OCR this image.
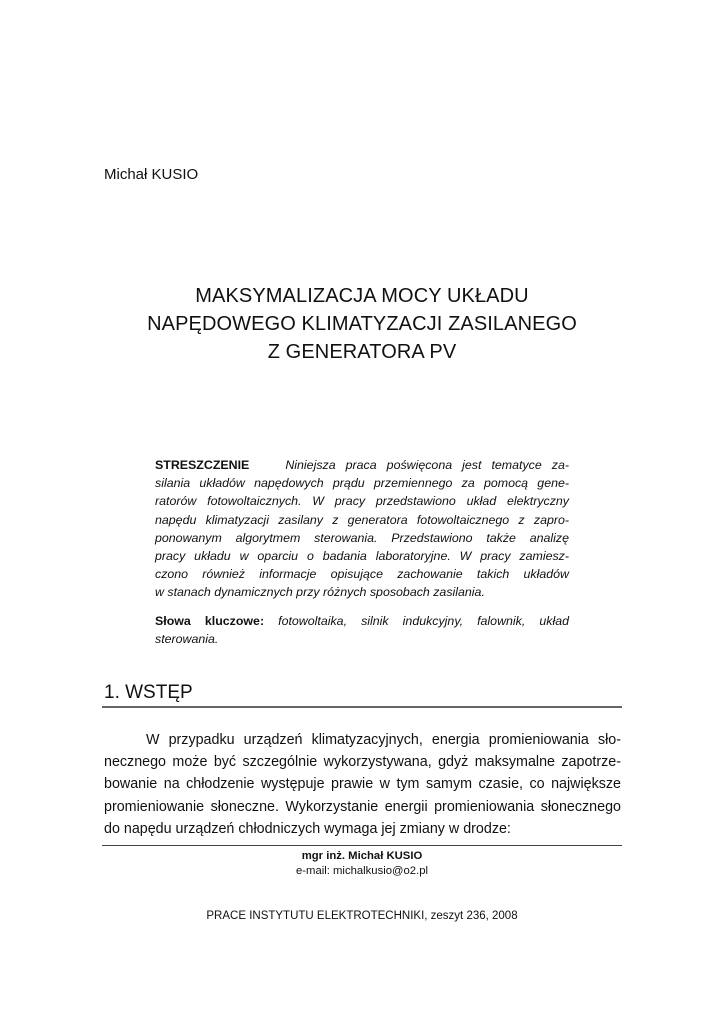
Michał KUSIO
MAKSYMALIZACJA MOCY UKŁADU
NAPĘDOWEGO KLIMATYZACJI ZASILANEGO
Z GENERATORA PV
STRESZCZENIE	Niniejsza praca poświęcona jest tematyce za-
silania układów napędowych prądu przemiennego za pomocą gene-
ratorów fotowoltaicznych. W pracy przedstawiono układ elektryczny
napędu klimatyzacji zasilany z generatora fotowoltaicznego z zapro-
ponowanym algorytmem sterowania. Przedstawiono także analizę
pracy układu w oparciu o badania laboratoryjne. W pracy zamiesz-
czono również informacje opisujące zachowanie takich układów
w stanach dynamicznych przy różnych sposobach zasilania.
Słowa kluczowe: fotowoltaika, silnik indukcyjny, falownik, układ
sterowania.
1. WSTĘP
W przypadku urządzeń klimatyzacyjnych, energia promieniowania sło-
necznego może być szczególnie wykorzystywana, gdyż maksymalne zapotrze-
bowanie na chłodzenie występuje prawie w tym samym czasie, co największe
promieniowanie słoneczne. Wykorzystanie energii promieniowania słonecznego
do napędu urządzeń chłodniczych wymaga jej zmiany w drodze:
mgr inż. Michał KUSIO
e-mail: michalkusio@o2.pl
PRACE INSTYTUTU ELEKTROTECHNIKI, zeszyt 236, 2008
